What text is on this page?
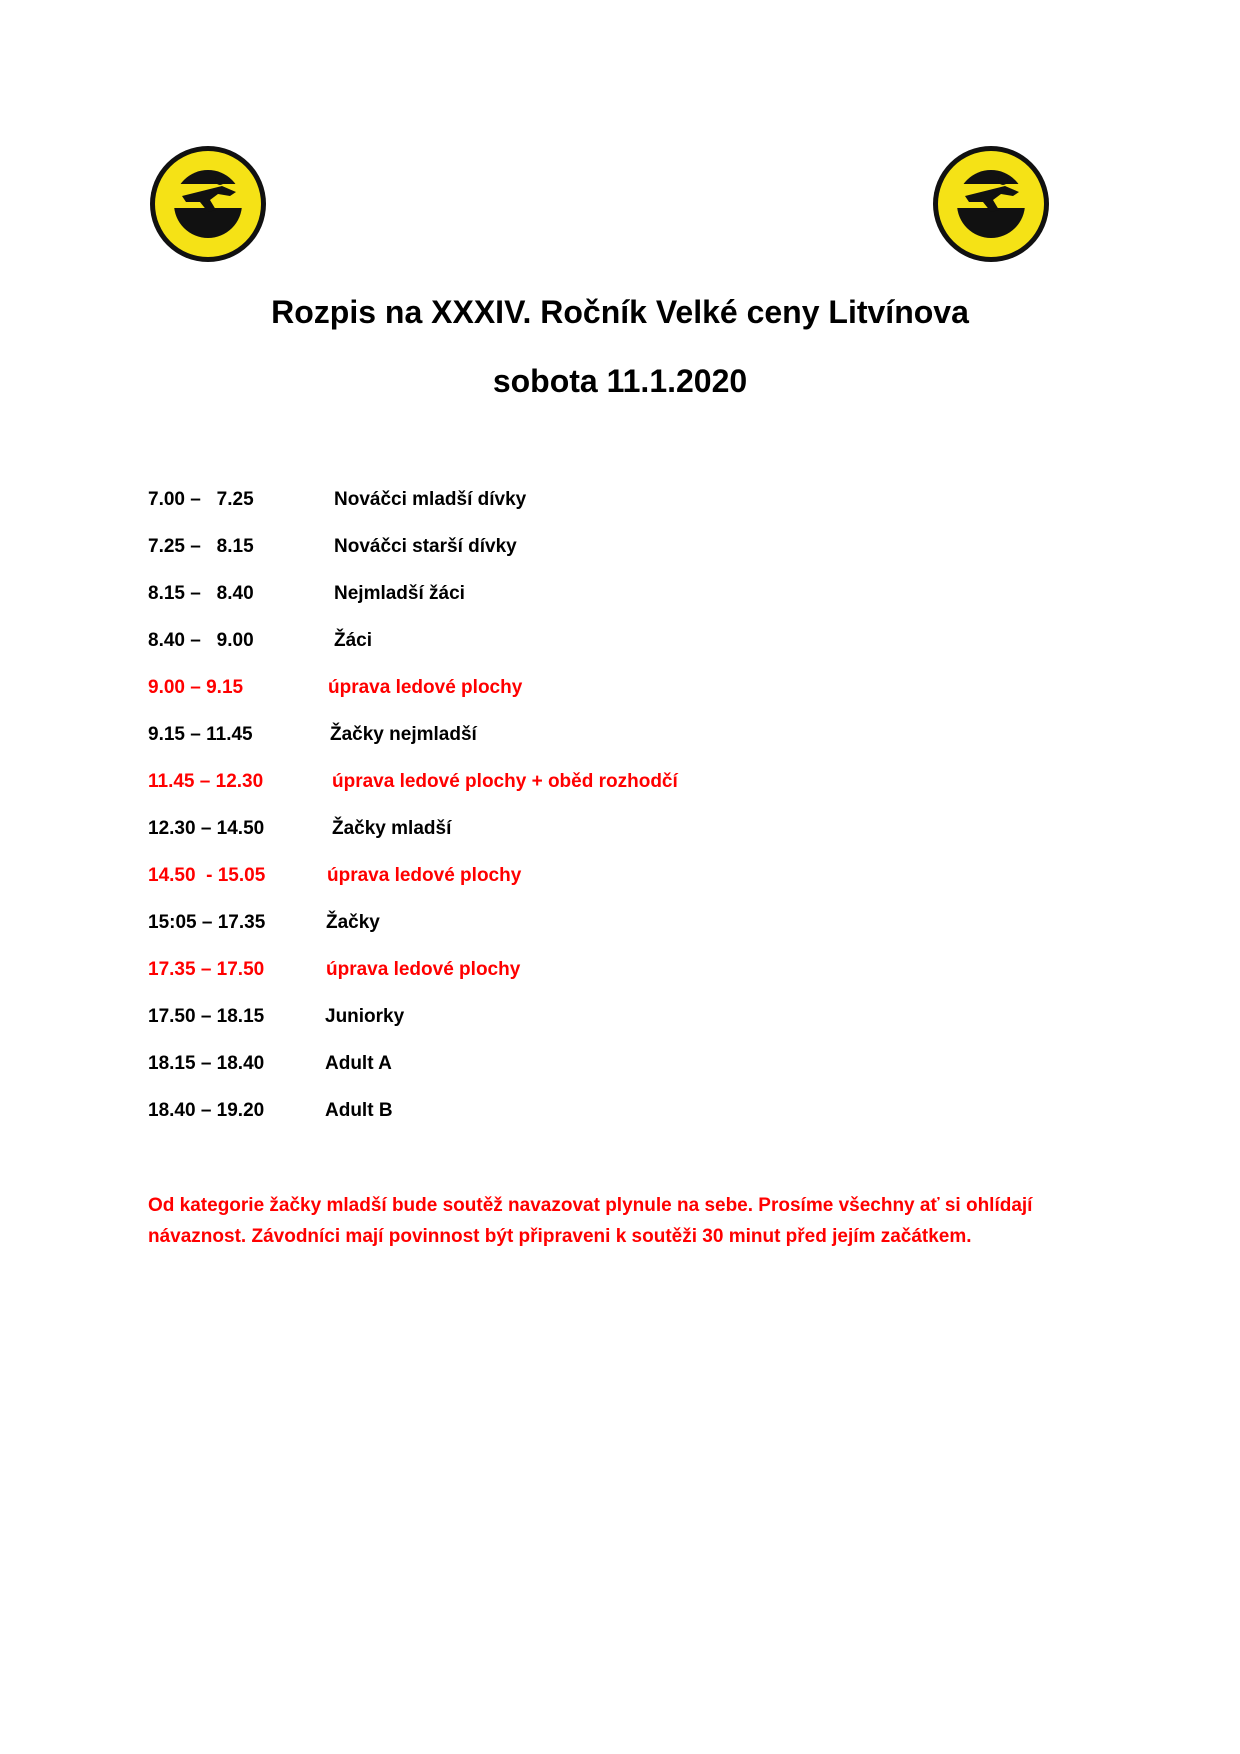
Rozpis na XXXIV. Ročník Velké ceny Litvínova
sobota 11.1.2020
7.00 –   7.25	Nováčci mladší dívky
7.25 –   8.15	Nováčci starší dívky
8.15 –   8.40	Nejmladší žáci
8.40 –   9.00	Žáci
9.00 – 9.15	úprava ledové plochy
9.15 – 11.45	Žačky nejmladší
11.45 – 12.30	úprava ledové plochy + oběd rozhodčí
12.30 – 14.50	Žačky mladší
14.50  - 15.05	úprava ledové plochy
15:05 – 17.35	Žačky
17.35 – 17.50	úprava ledové plochy
17.50 – 18.15	Juniorky
18.15 – 18.40	Adult A
18.40 – 19.20	Adult B
Od kategorie žačky mladší bude soutěž navazovat plynule na sebe. Prosíme všechny ať si ohlídají
návaznost. Závodníci mají povinnost být připraveni k soutěži 30 minut před jejím začátkem.
